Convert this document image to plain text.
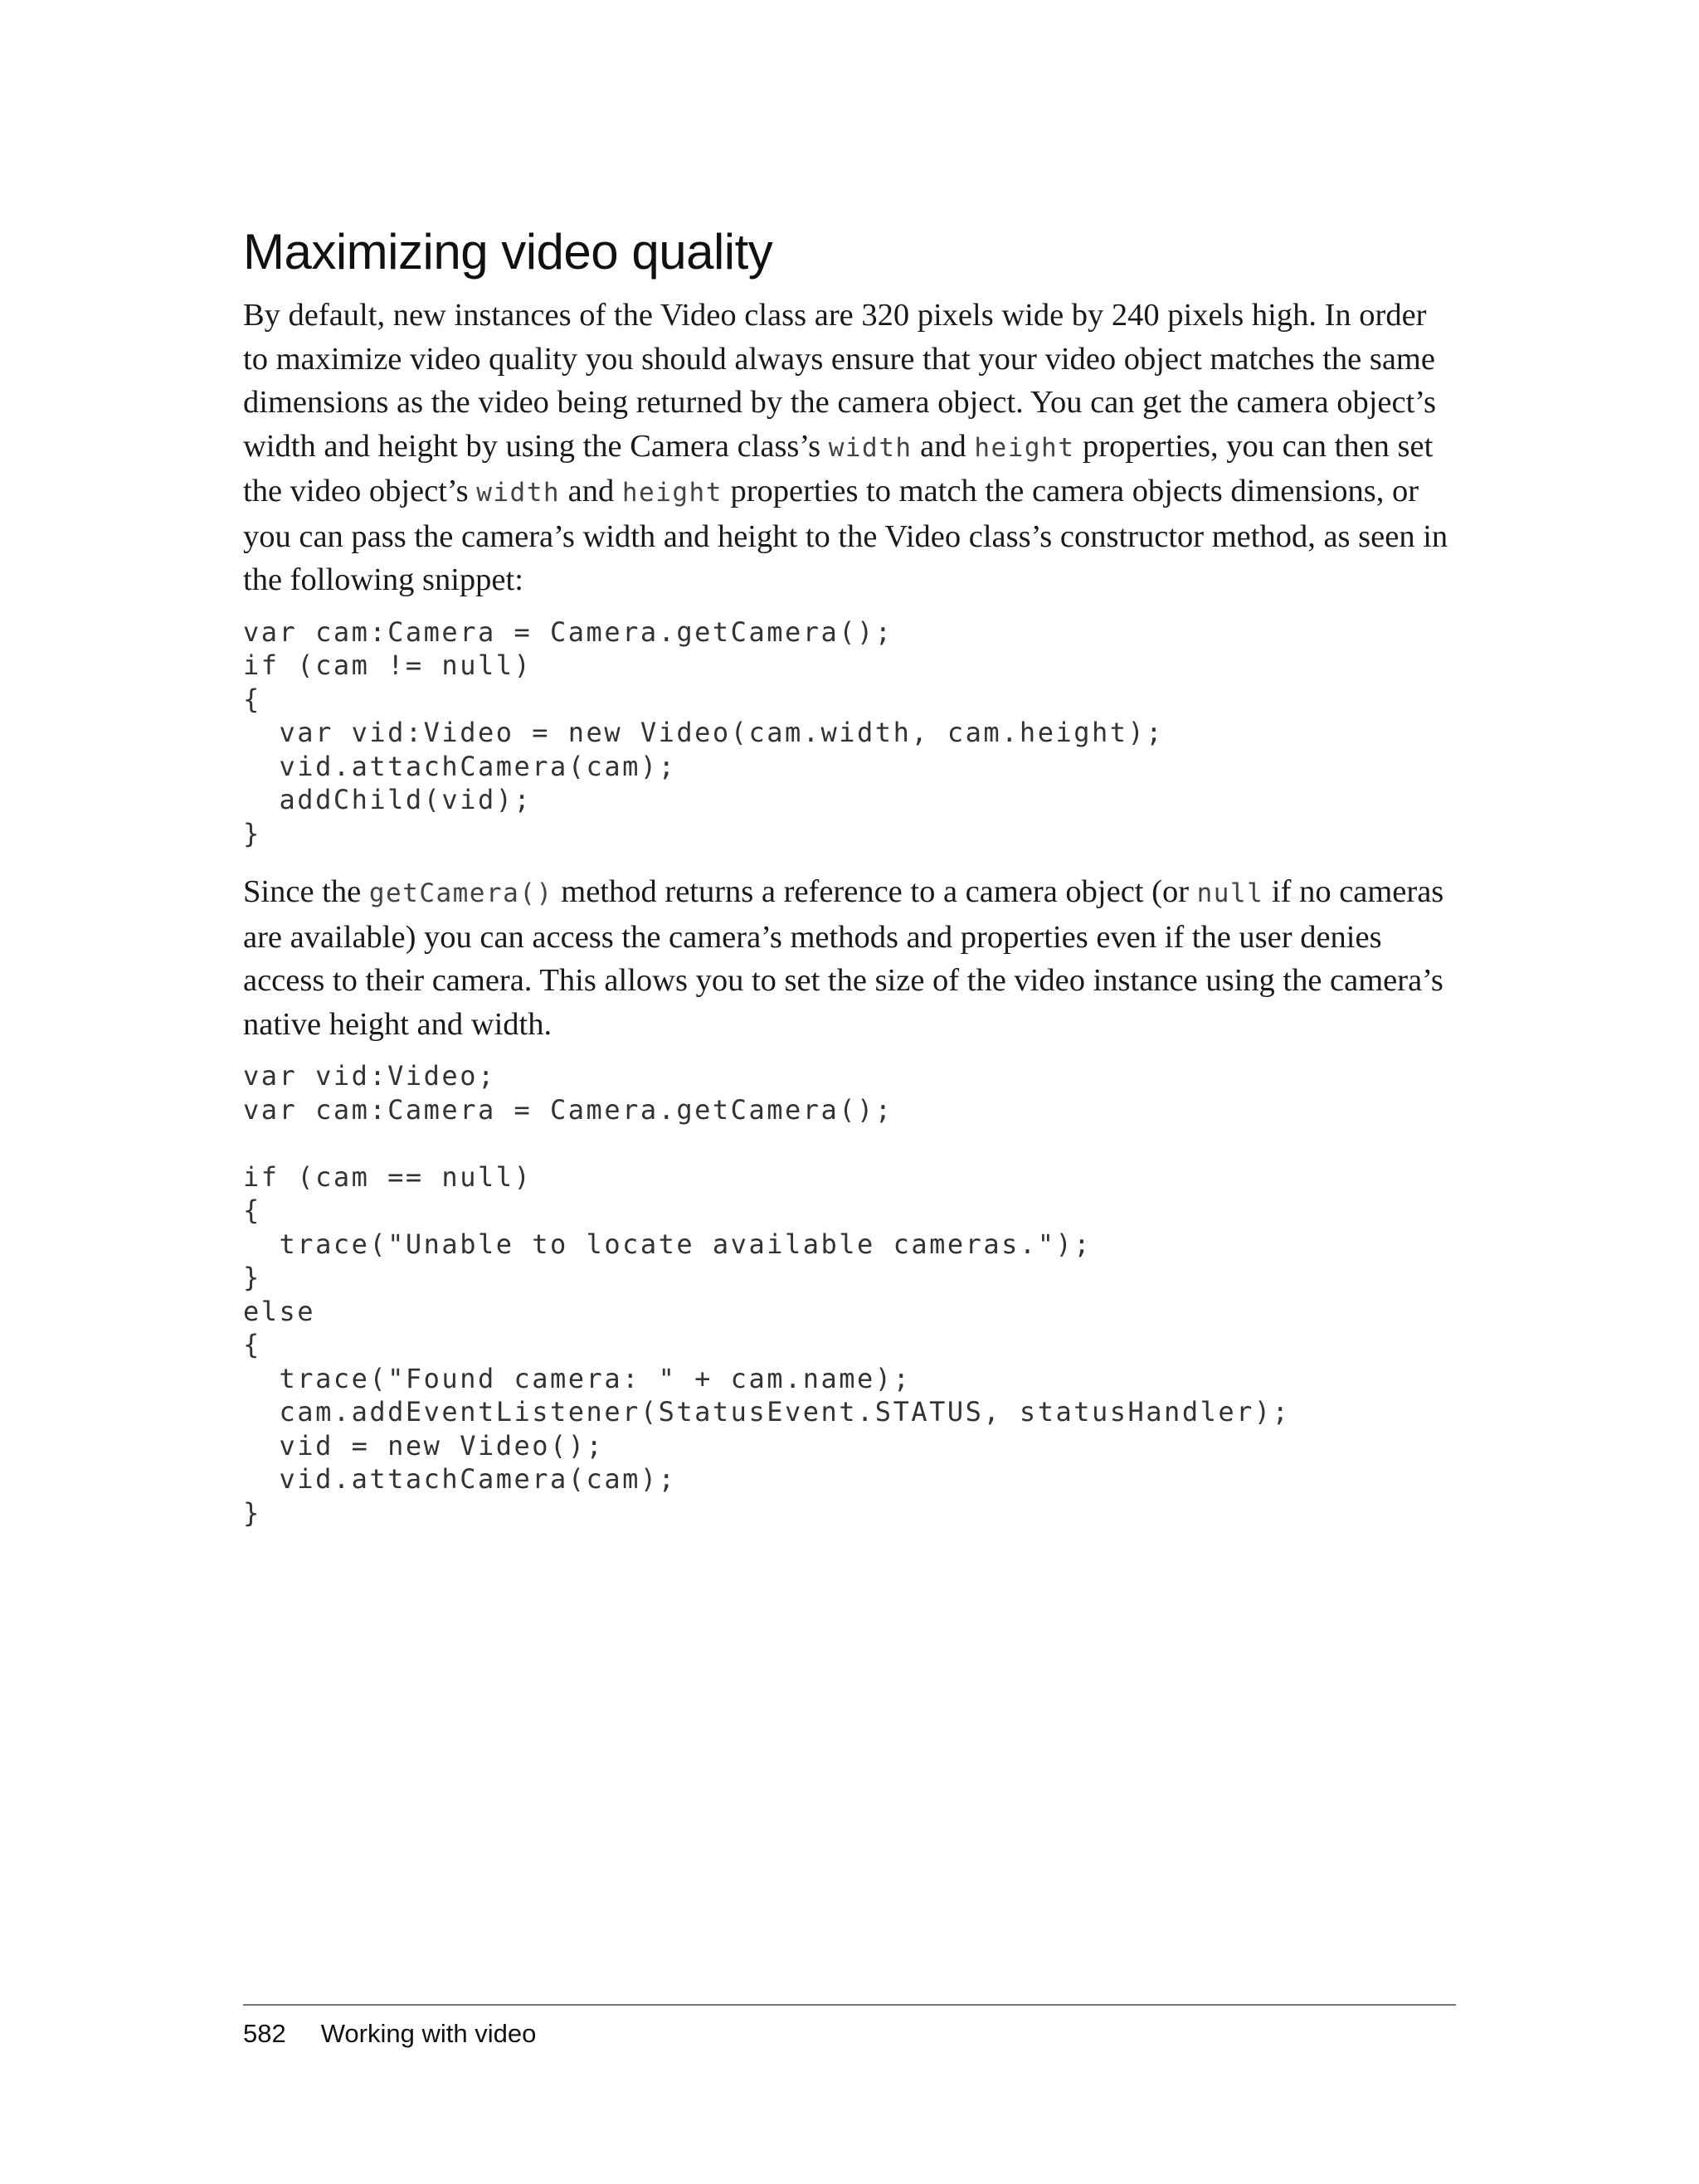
Maximizing video quality

By default, new instances of the Video class are 320 pixels wide by 240 pixels high. In order to maximize video quality you should always ensure that your video object matches the same dimensions as the video being returned by the camera object. You can get the camera object’s width and height by using the Camera class’s width and height properties, you can then set the video object’s width and height properties to match the camera objects dimensions, or you can pass the camera’s width and height to the Video class’s constructor method, as seen in the following snippet:

var cam:Camera = Camera.getCamera();
if (cam != null)
{
var vid:Video = new Video(cam.width, cam.height);
vid.attachCamera(cam);
addChild(vid);
}

Since the getCamera() method returns a reference to a camera object (or null if no cameras are available) you can access the camera’s methods and properties even if the user denies access to their camera. This allows you to set the size of the video instance using the camera’s native height and width.

var vid:Video;
var cam:Camera = Camera.getCamera();

if (cam == null)
{
trace("Unable to locate available cameras.");
}
else
{
trace("Found camera: " + cam.name);
cam.addEventListener(StatusEvent.STATUS, statusHandler);
vid = new Video();
vid.attachCamera(cam);
}
582 Working with video
